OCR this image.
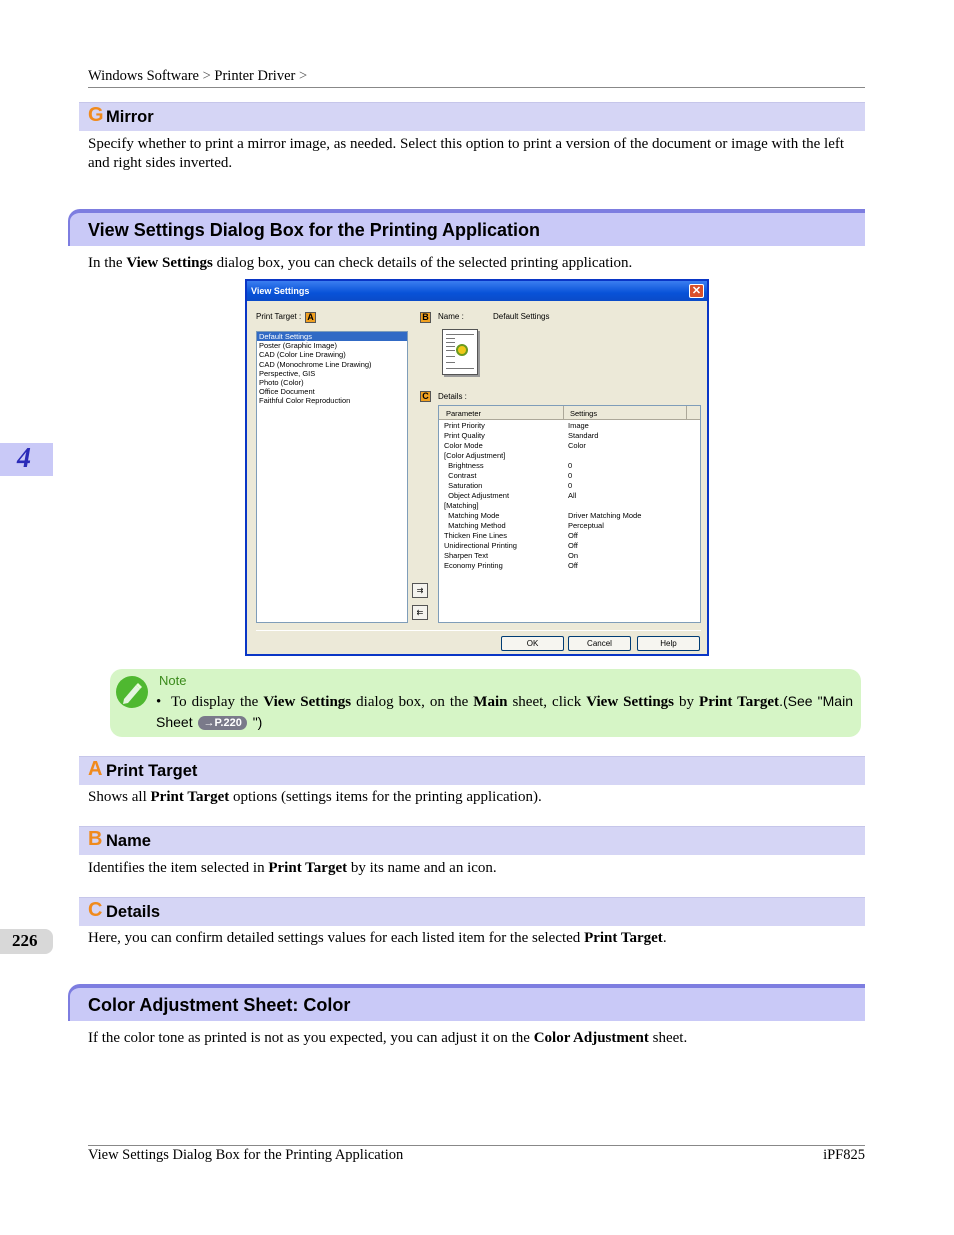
Windows Software > Printer Driver >
G Mirror
Specify whether to print a mirror image, as needed. Select this option to print a version of the document or image with the left and right sides inverted.
View Settings Dialog Box for the Printing Application
In the View Settings dialog box, you can check details of the selected printing application.
View Settings	✕
Print Target : A
Default Settings
Poster (Graphic Image)
CAD (Color Line Drawing)
CAD (Monochrome Line Drawing)
Perspective, GIS
Photo (Color)
Office Document
Faithful Color Reproduction
B Name :	Default Settings
C Details :
Parameter	Settings
Print Priority	Image
Print Quality	Standard
Color Mode	Color
[Color Adjustment]
Brightness	0
Contrast	0
Saturation	0
Object Adjustment	All
[Matching]
Matching Mode	Driver Matching Mode
Matching Method	Perceptual
Thicken Fine Lines	Off
Unidirectional Printing	Off
Sharpen Text	On
Economy Printing	Off
⇉
⇇
OK	Cancel	Help
4
Note
• To display the View Settings dialog box, on the Main sheet, click View Settings by Print Target.(See "Main Sheet →P.220 ")
A Print Target
Shows all Print Target options (settings items for the printing application).
B Name
Identifies the item selected in Print Target by its name and an icon.
C Details
Here, you can confirm detailed settings values for each listed item for the selected Print Target.
226
Color Adjustment Sheet: Color
If the color tone as printed is not as you expected, you can adjust it on the Color Adjustment sheet.
View Settings Dialog Box for the Printing Application	iPF825
